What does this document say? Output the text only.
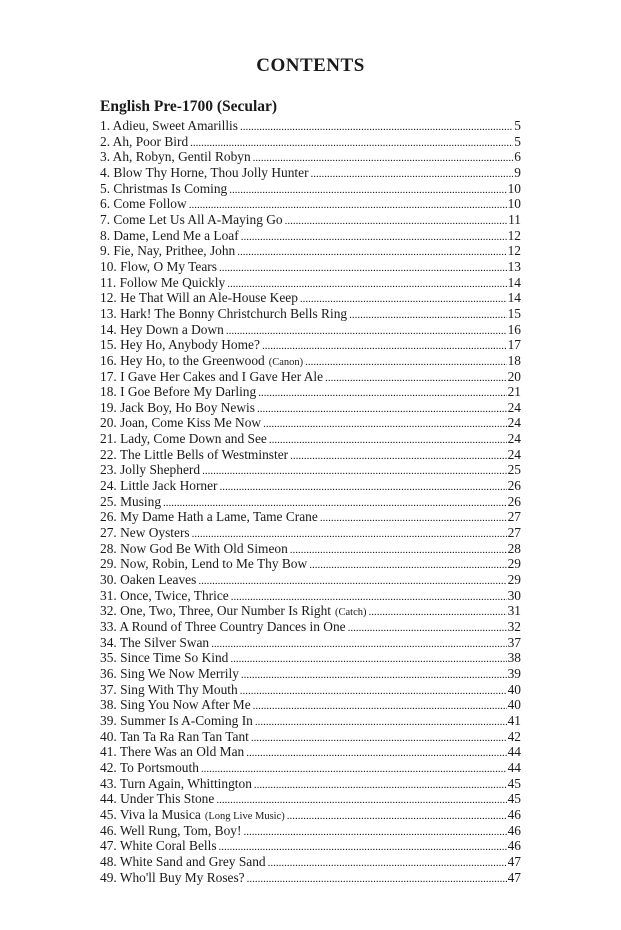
CONTENTS
English Pre-1700 (Secular)
1. Adieu, Sweet Amarillis .....	5
2. Ah, Poor Bird .....	5
3. Ah, Robyn, Gentil Robyn .....	6
4. Blow Thy Horne, Thou Jolly Hunter .....	9
5. Christmas Is Coming .....	10
6. Come Follow .....	10
7. Come Let Us All A-Maying Go .....	11
8. Dame, Lend Me a Loaf .....	12
9. Fie, Nay, Prithee, John .....	12
10. Flow, O My Tears .....	13
11. Follow Me Quickly .....	14
12. He That Will an Ale-House Keep .....	14
13. Hark! The Bonny Christchurch Bells Ring .....	15
14. Hey Down a Down .....	16
15. Hey Ho, Anybody Home? .....	17
16. Hey Ho, to the Greenwood (Canon) .....	18
17. I Gave Her Cakes and I Gave Her Ale .....	20
18. I Goe Before My Darling .....	21
19. Jack Boy, Ho Boy Newis .....	24
20. Joan, Come Kiss Me Now .....	24
21. Lady, Come Down and See .....	24
22. The Little Bells of Westminster .....	24
23. Jolly Shepherd .....	25
24. Little Jack Horner .....	26
25. Musing .....	26
26. My Dame Hath a Lame, Tame Crane .....	27
27. New Oysters .....	27
28. Now God Be With Old Simeon .....	28
29. Now, Robin, Lend to Me Thy Bow .....	29
30. Oaken Leaves .....	29
31. Once, Twice, Thrice .....	30
32. One, Two, Three, Our Number Is Right (Catch) .....	31
33. A Round of Three Country Dances in One .....	32
34. The Silver Swan .....	37
35. Since Time So Kind .....	38
36. Sing We Now Merrily .....	39
37. Sing With Thy Mouth .....	40
38. Sing You Now After Me .....	40
39. Summer Is A-Coming In .....	41
40. Tan Ta Ra Ran Tan Tant .....	42
41. There Was an Old Man .....	44
42. To Portsmouth .....	44
43. Turn Again, Whittington .....	45
44. Under This Stone .....	45
45. Viva la Musica (Long Live Music) .....	46
46. Well Rung, Tom, Boy! .....	46
47. White Coral Bells .....	46
48. White Sand and Grey Sand .....	47
49. Who'll Buy My Roses? .....	47
